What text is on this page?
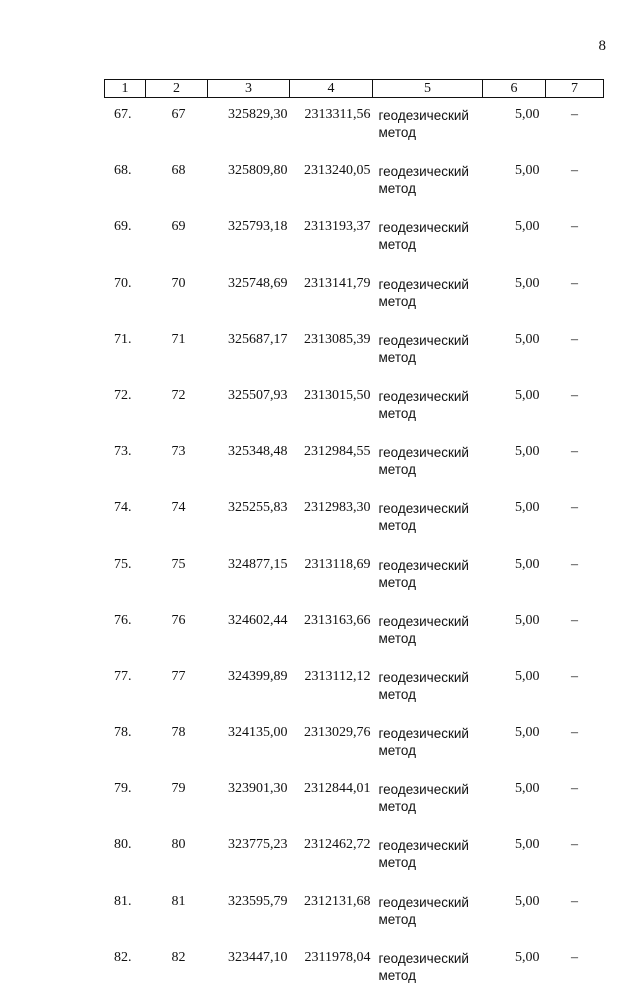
8
1	2	3	4	5	6	7
67.	67	325829,30	2313311,56	геодезический метод	5,00	–
68.	68	325809,80	2313240,05	геодезический метод	5,00	–
69.	69	325793,18	2313193,37	геодезический метод	5,00	–
70.	70	325748,69	2313141,79	геодезический метод	5,00	–
71.	71	325687,17	2313085,39	геодезический метод	5,00	–
72.	72	325507,93	2313015,50	геодезический метод	5,00	–
73.	73	325348,48	2312984,55	геодезический метод	5,00	–
74.	74	325255,83	2312983,30	геодезический метод	5,00	–
75.	75	324877,15	2313118,69	геодезический метод	5,00	–
76.	76	324602,44	2313163,66	геодезический метод	5,00	–
77.	77	324399,89	2313112,12	геодезический метод	5,00	–
78.	78	324135,00	2313029,76	геодезический метод	5,00	–
79.	79	323901,30	2312844,01	геодезический метод	5,00	–
80.	80	323775,23	2312462,72	геодезический метод	5,00	–
81.	81	323595,79	2312131,68	геодезический метод	5,00	–
82.	82	323447,10	2311978,04	геодезический метод	5,00	–
